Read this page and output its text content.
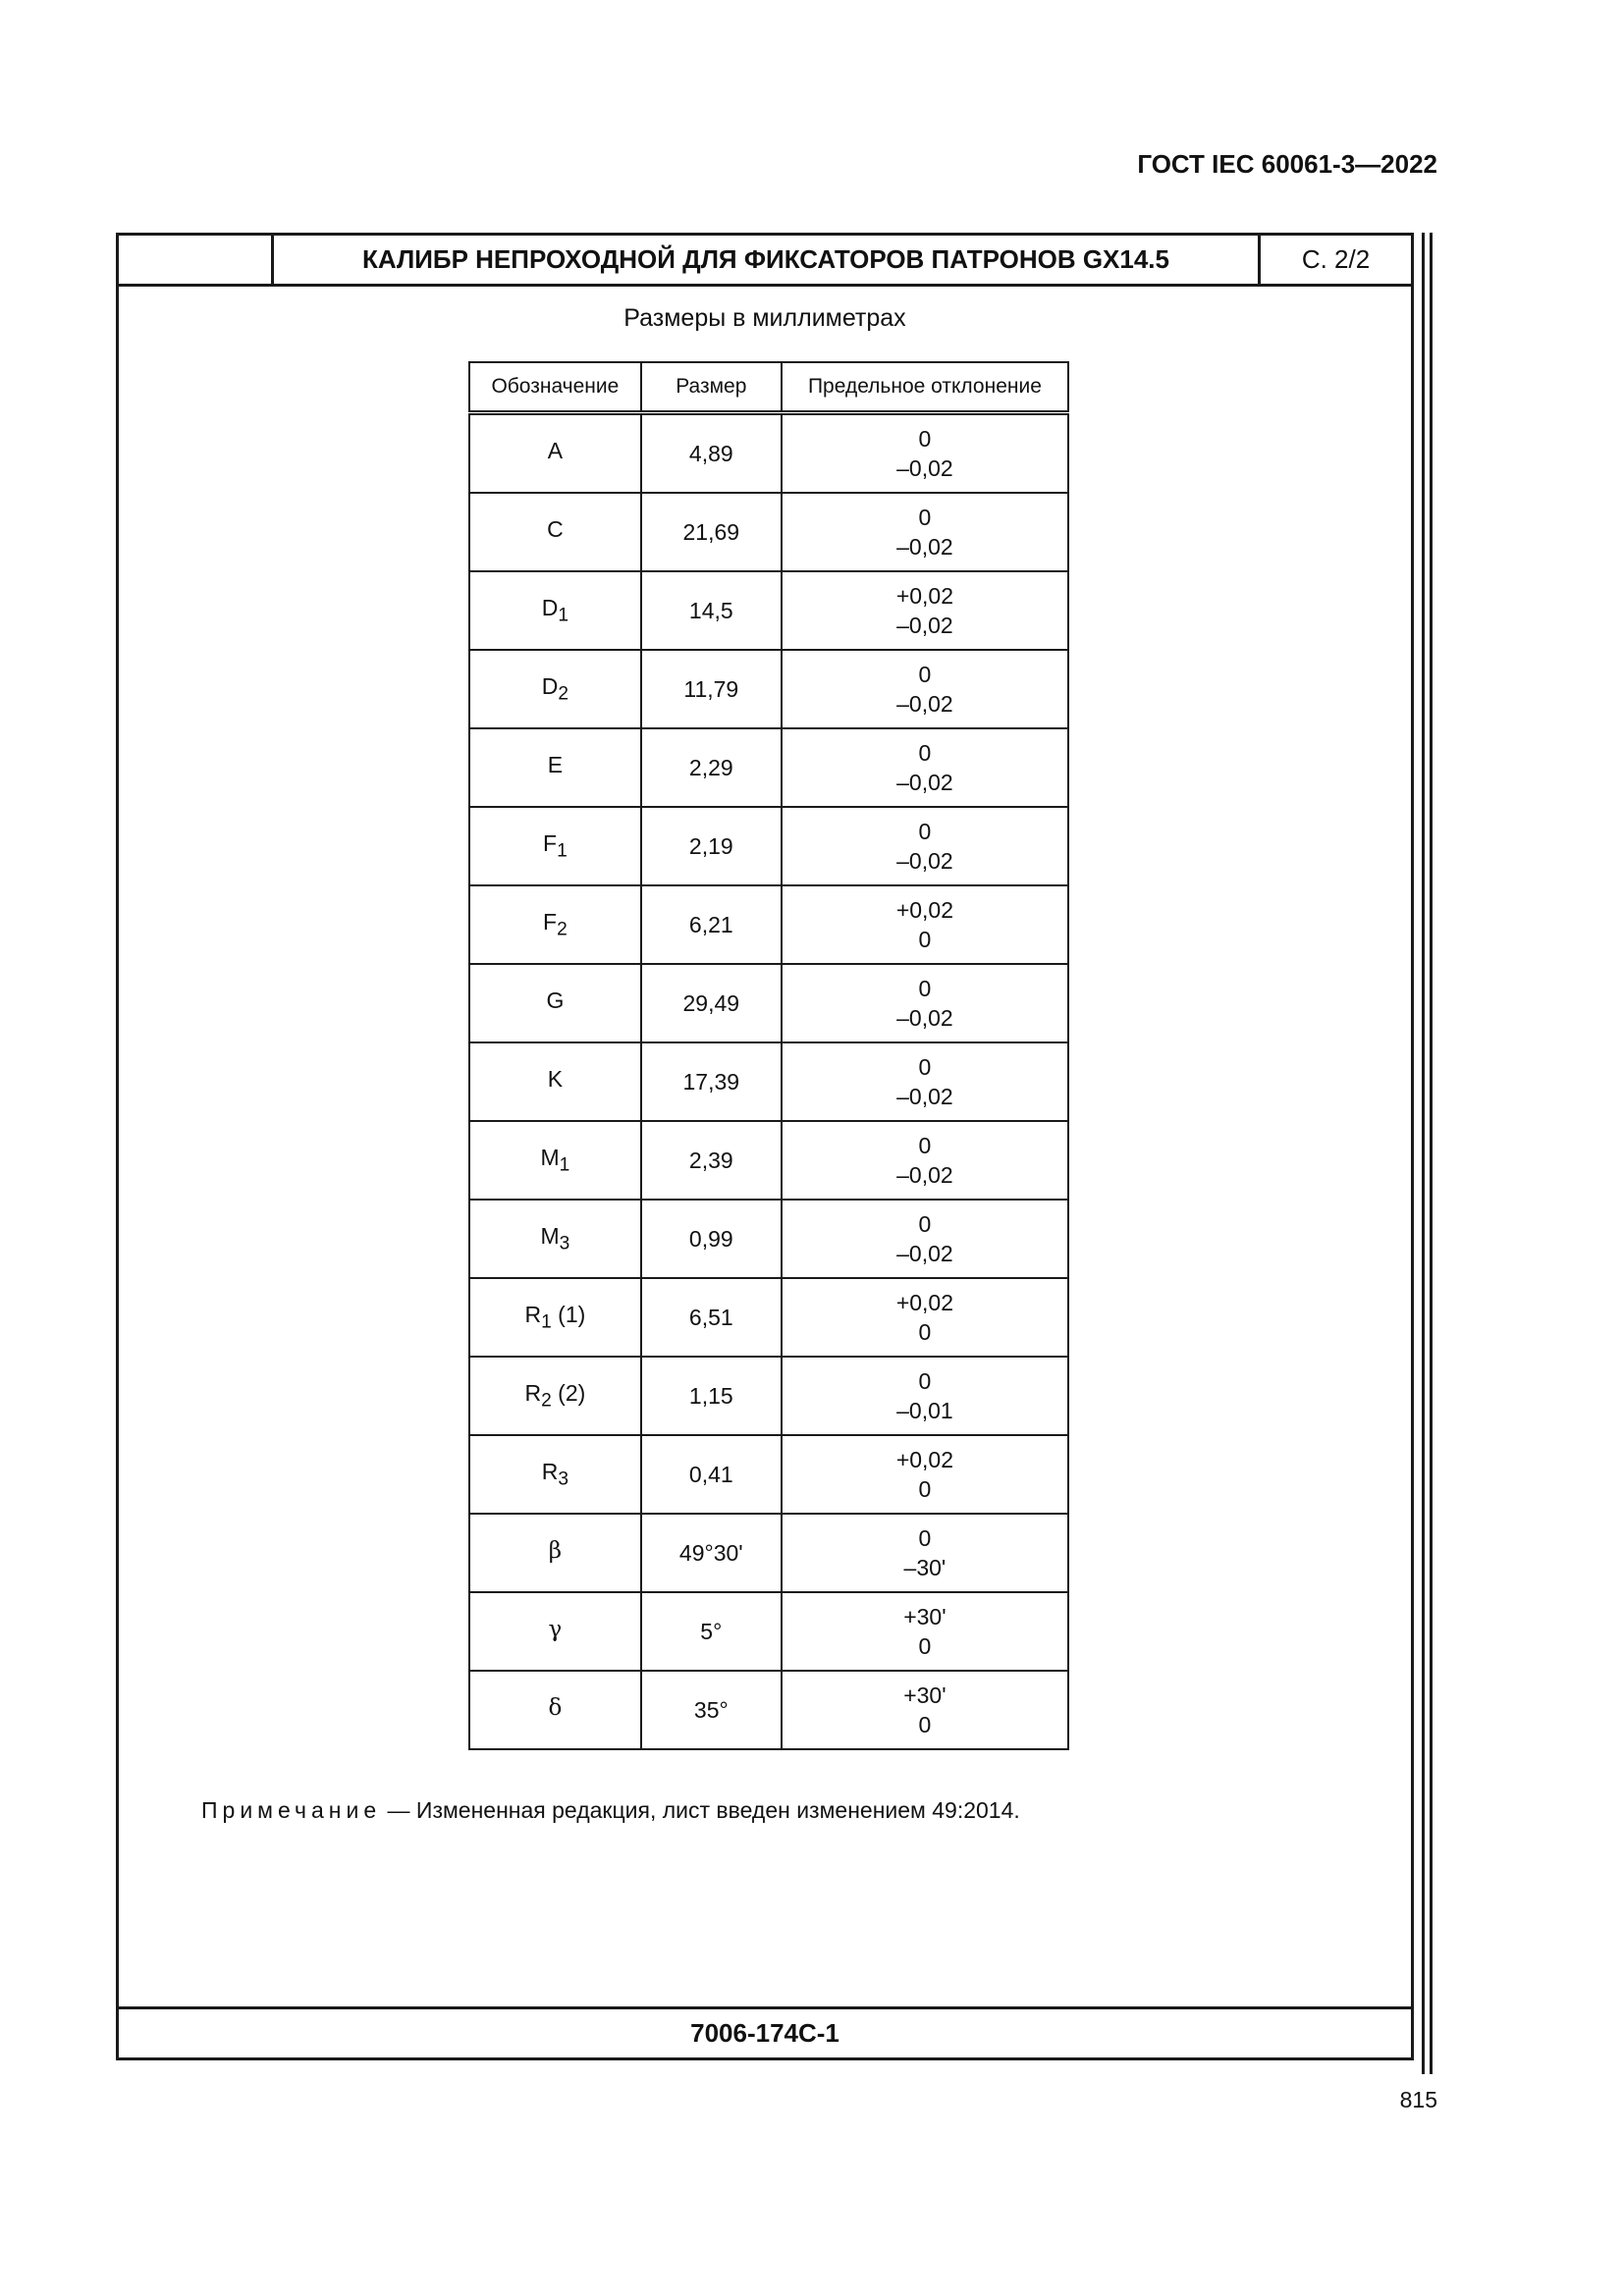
ГОСТ IEC 60061-3—2022
КАЛИБР НЕПРОХОДНОЙ ДЛЯ ФИКСАТОРОВ ПАТРОНОВ GX14.5	С. 2/2
Размеры в миллиметрах
Обозначение	Размер	Предельное отклонение
A	4,89	0
–0,02

C	21,69	0
–0,02

$D_1$	14,5	+0,02
–0,02

$D_2$	11,79	0
–0,02

E	2,29	0
–0,02

$F_1$	2,19	0
–0,02

$F_2$	6,21	+0,02
0

G	29,49	0
–0,02

K	17,39	0
–0,02

$M_1$	2,39	0
–0,02

$M_3$	0,99	0
–0,02

$R_1$ (1)	6,51	+0,02
0

$R_2$ (2)	1,15	0
–0,01

$R_3$	0,41	+0,02
0

β	49°30'	0
–30'

γ	5°	+30'
0

δ	35°	+30'
0
Примечание — Измененная редакция, лист введен изменением 49:2014.
7006-174C-1
815
